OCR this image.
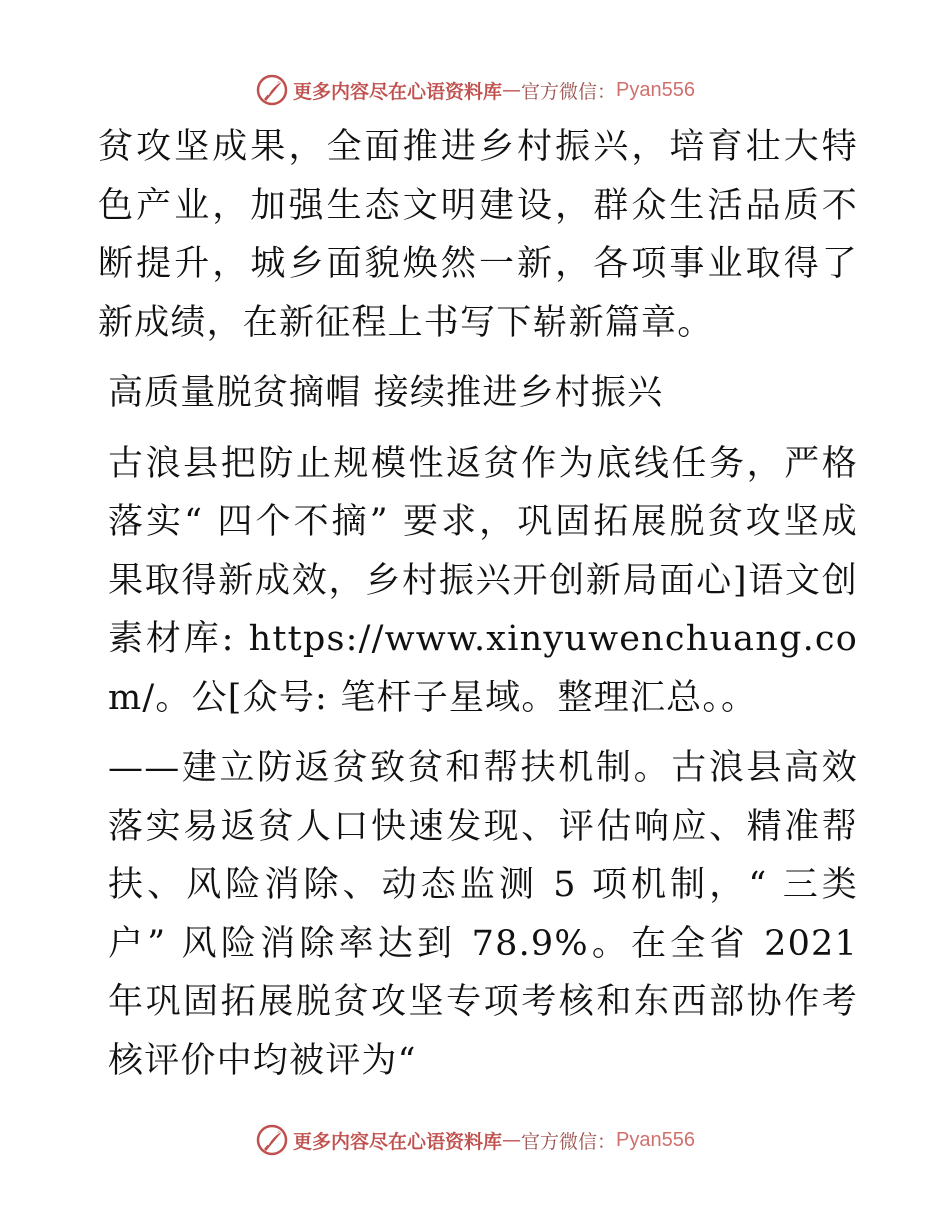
更多内容尽在心语资料库 — 官方微信： Pyan556

贫攻坚成果，全面推进乡村振兴，培育壮大特色产业，加强生态文明建设，群众生活品质不断提升，城乡面貌焕然一新，各项事业取得了新成绩，在新征程上书写下崭新篇章。

高质量脱贫摘帽 接续推进乡村振兴

古浪县把防止规模性返贫作为底线任务，严格落实“ 四个不摘” 要求，巩固拓展脱贫攻坚成果取得新成效，乡村振兴开创新局面心]语文创素材库: https://www.xinyuwenchuang.com/。公[众号: 笔杆子星域。整理汇总。。

——建立防返贫致贫和帮扶机制。古浪县高效落实易返贫人口快速发现、评估响应、精准帮扶、风险消除、动态监测 5 项机制，“ 三类户” 风险消除率达到 78.9%。在全省 2021 年巩固拓展脱贫攻坚专项考核和东西部协作考核评价中均被评为“

更多内容尽在心语资料库 — 官方微信： Pyan556
